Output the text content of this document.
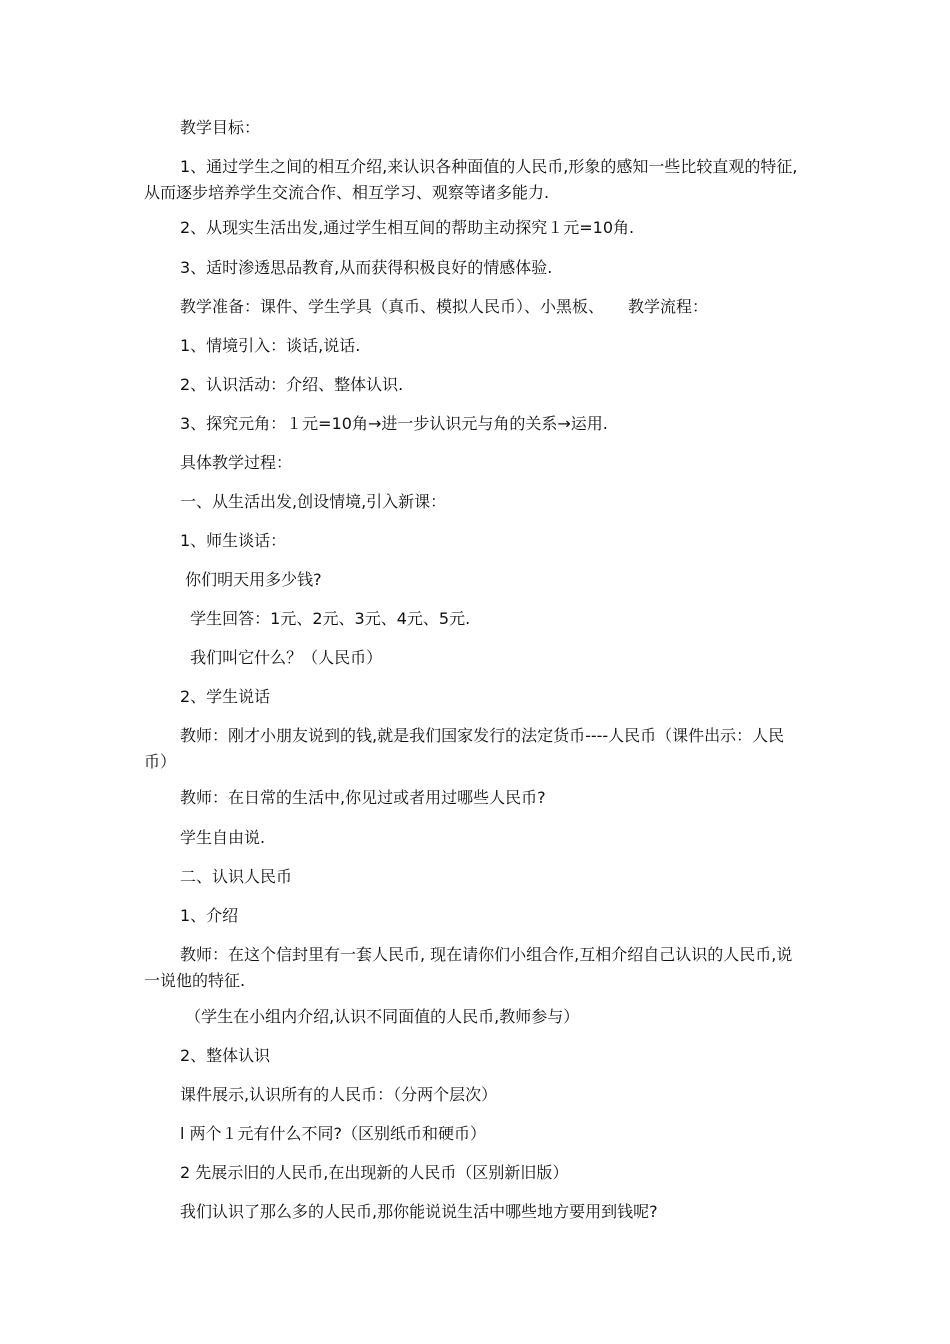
教学目标：
1、通过学生之间的相互介绍,来认识各种面值的人民币,形象的感知一些比较直观的特征,从而逐步培养学生交流合作、相互学习、观察等诸多能力.
2、从现实生活出发,通过学生相互间的帮助主动探究１元=10角.
3、适时渗透思品教育,从而获得积极良好的情感体验.
教学准备：课件、学生学具（真币、模拟人民币）、小黑板、　　教学流程：
1、情境引入：谈话,说话.
2、认识活动：介绍、整体认识.
3、探究元角：１元=10角→进一步认识元与角的关系→运用.
具体教学过程：
一、从生活出发,创设情境,引入新课：
1、师生谈话：
你们明天用多少钱?
学生回答：1元、2元、3元、4元、5元.
我们叫它什么？（人民币）
2、学生说话
教师：刚才小朋友说到的钱,就是我们国家发行的法定货币----人民币（课件出示：人民币）
教师：在日常的生活中,你见过或者用过哪些人民币?
学生自由说.
二、认识人民币
1、介绍
教师：在这个信封里有一套人民币, 现在请你们小组合作,互相介绍自己认识的人民币,说一说他的特征.
（学生在小组内介绍,认识不同面值的人民币,教师参与）
2、整体认识
课件展示,认识所有的人民币：（分两个层次）
l 两个１元有什么不同?（区别纸币和硬币）
2 先展示旧的人民币,在出现新的人民币（区别新旧版）
我们认识了那么多的人民币,那你能说说生活中哪些地方要用到钱呢?
